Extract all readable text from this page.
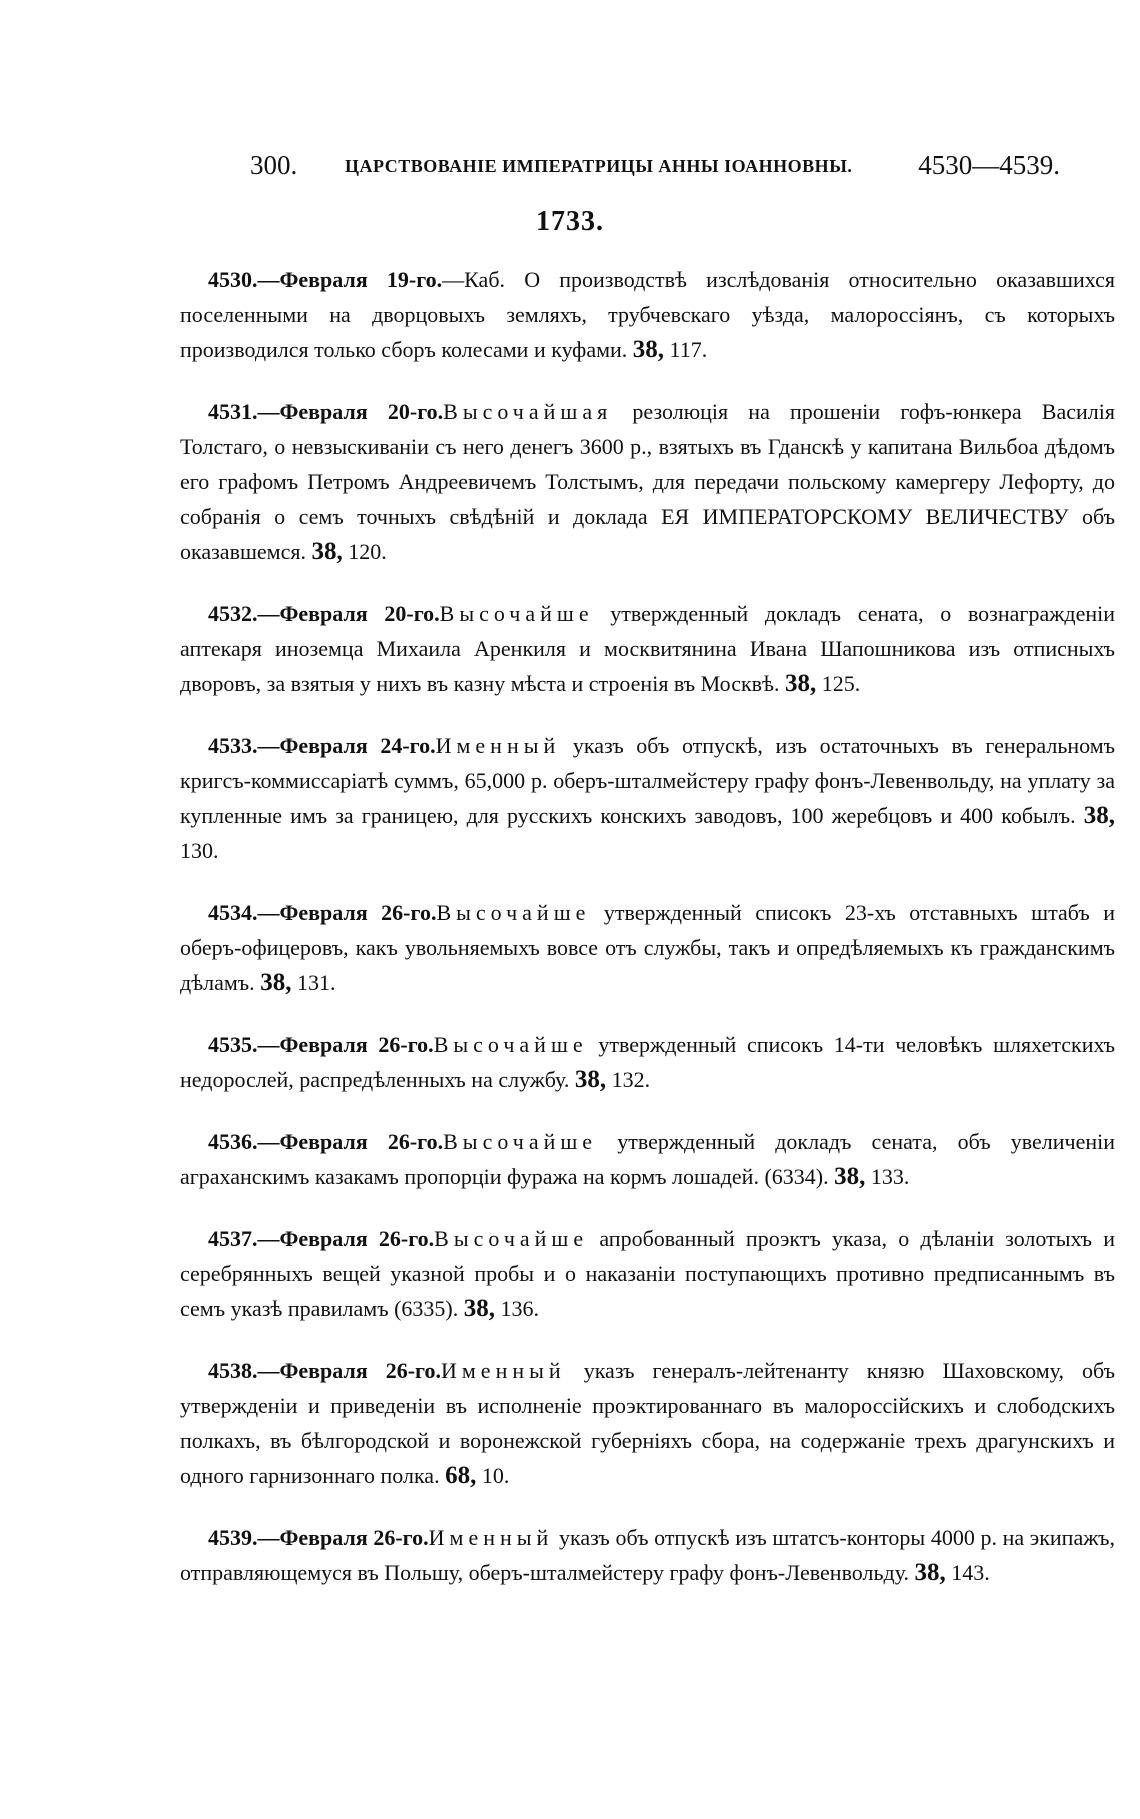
300.	ЦАРСТВОВАНІЕ ИМПЕРАТРИЦЫ АННЫ ІОАННОВНЫ. 4530—4539.
1733.

4530.—Февраля 19-го.—Каб. О производствѣ изслѣдованія относительно оказавшихся поселенными на дворцовыхъ земляхъ, трубчевскаго уѣзда, малороссіянъ, съ которыхъ производился только сборъ колесами и куфами. 38, 117.

4531.—Февраля 20-го.Высочайшая резолюція на прошеніи гофъ-юнкера Василія Толстаго, о невзыскиваніи съ него денегъ 3600 р., взятыхъ въ Гданскѣ у капитана Вильбоа дѣдомъ его графомъ Петромъ Андреевичемъ Толстымъ, для передачи польскому камергеру Лефорту, до собранія о семъ точныхъ свѣдѣній и доклада ЕЯ ИМПЕРАТОРСКОМУ ВЕЛИЧЕСТВУ объ оказавшемся. 38, 120.

4532.—Февраля 20-го.Высочайше утвержденный докладъ сената, о вознагражденіи аптекаря иноземца Михаила Аренкиля и москвитянина Ивана Шапошникова изъ отписныхъ дворовъ, за взятыя у нихъ въ казну мѣста и строенія въ Москвѣ. 38, 125.

4533.—Февраля 24-го.Именный указъ объ отпускѣ, изъ остаточныхъ въ генеральномъ кригсъ-коммиссаріатѣ суммъ, 65,000 р. оберъ-шталмейстеру графу фонъ-Левенвольду, на уплату за купленные имъ за границею, для русскихъ конскихъ заводовъ, 100 жеребцовъ и 400 кобылъ. 38, 130.

4534.—Февраля 26-го.Высочайше утвержденный списокъ 23-хъ отставныхъ штабъ и оберъ-офицеровъ, какъ увольняемыхъ вовсе отъ службы, такъ и опредѣляемыхъ къ гражданскимъ дѣламъ. 38, 131.

4535.—Февраля 26-го.Высочайше утвержденный списокъ 14-ти человѣкъ шляхетскихъ недорослей, распредѣленныхъ на службу. 38, 132.

4536.—Февраля 26-го.Высочайше утвержденный докладъ сената, объ увеличеніи аграханскимъ казакамъ пропорціи фуража на кормъ лошадей. (6334). 38, 133.

4537.—Февраля 26-го.Высочайше апробованный проэктъ указа, о дѣланіи золотыхъ и серебрянныхъ вещей указной пробы и о наказаніи поступающихъ противно предписаннымъ въ семъ указѣ правиламъ (6335). 38, 136.

4538.—Февраля 26-го.Именный указъ генералъ-лейтенанту князю Шаховскому, объ утвержденіи и приведеніи въ исполненіе проэктированнаго въ малороссійскихъ и слободскихъ полкахъ, въ бѣлгородской и воронежской губерніяхъ сбора, на содержаніе трехъ драгунскихъ и одного гарнизоннаго полка. 68, 10.

4539.—Февраля 26-го.Именный указъ объ отпускѣ изъ штатсъ-конторы 4000 р. на экипажъ, отправляющемуся въ Польшу, оберъ-шталмейстеру графу фонъ-Левенвольду. 38, 143.
